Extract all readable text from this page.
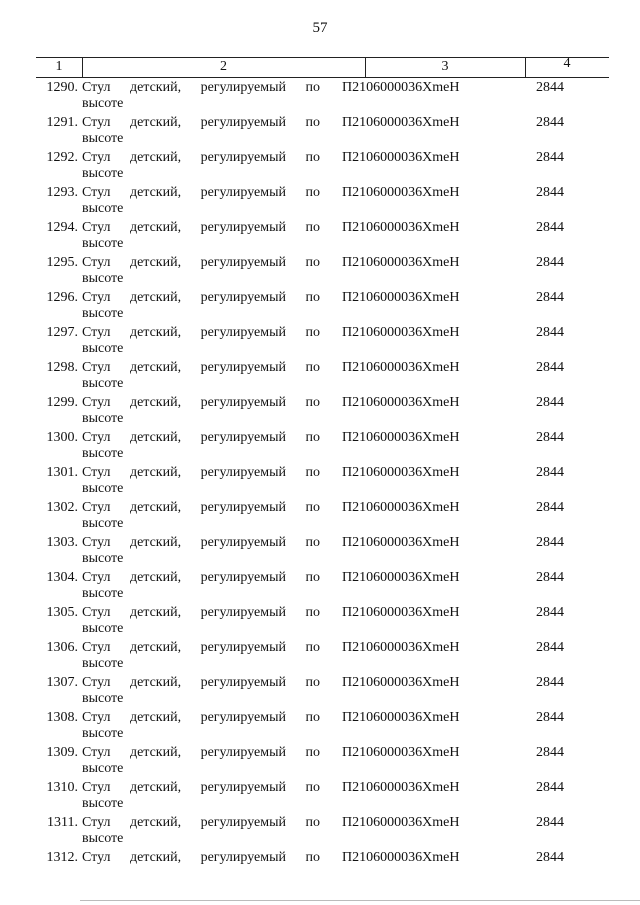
57
1	2	3	4
1290. Стул детский, регулируемый по
высоте
П2106000036ХmeH	2844
1291. Стул детский, регулируемый по
высоте
П2106000036ХmeH	2844
1292. Стул детский, регулируемый по
высоте
П2106000036ХmeH	2844
1293. Стул детский, регулируемый по
высоте
П2106000036ХmeH	2844
1294. Стул детский, регулируемый по
высоте
П2106000036ХmeH	2844
1295. Стул детский, регулируемый по
высоте
П2106000036ХmeH	2844
1296. Стул детский, регулируемый по
высоте
П2106000036ХmeH	2844
1297. Стул детский, регулируемый по
высоте
П2106000036ХmeH	2844
1298. Стул детский, регулируемый по
высоте
П2106000036ХmeH	2844
1299. Стул детский, регулируемый по
высоте
П2106000036ХmeH	2844
1300. Стул детский, регулируемый по
высоте
П2106000036ХmeH	2844
1301. Стул детский, регулируемый по
высоте
П2106000036ХmeH	2844
1302. Стул детский, регулируемый по
высоте
П2106000036ХmeH	2844
1303. Стул детский, регулируемый по
высоте
П2106000036ХmeH	2844
1304. Стул детский, регулируемый по
высоте
П2106000036ХmeH	2844
1305. Стул детский, регулируемый по
высоте
П2106000036ХmeH	2844
1306. Стул детский, регулируемый по
высоте
П2106000036ХmeH	2844
1307. Стул детский, регулируемый по
высоте
П2106000036ХmeH	2844
1308. Стул детский, регулируемый по
высоте
П2106000036ХmeH	2844
1309. Стул детский, регулируемый по
высоте
П2106000036ХmeH	2844
1310. Стул детский, регулируемый по
высоте
П2106000036ХmeH	2844
1311. Стул детский, регулируемый по
высоте
П2106000036ХmeH	2844
1312. Стул детский, регулируемый по П2106000036ХmeH	2844
